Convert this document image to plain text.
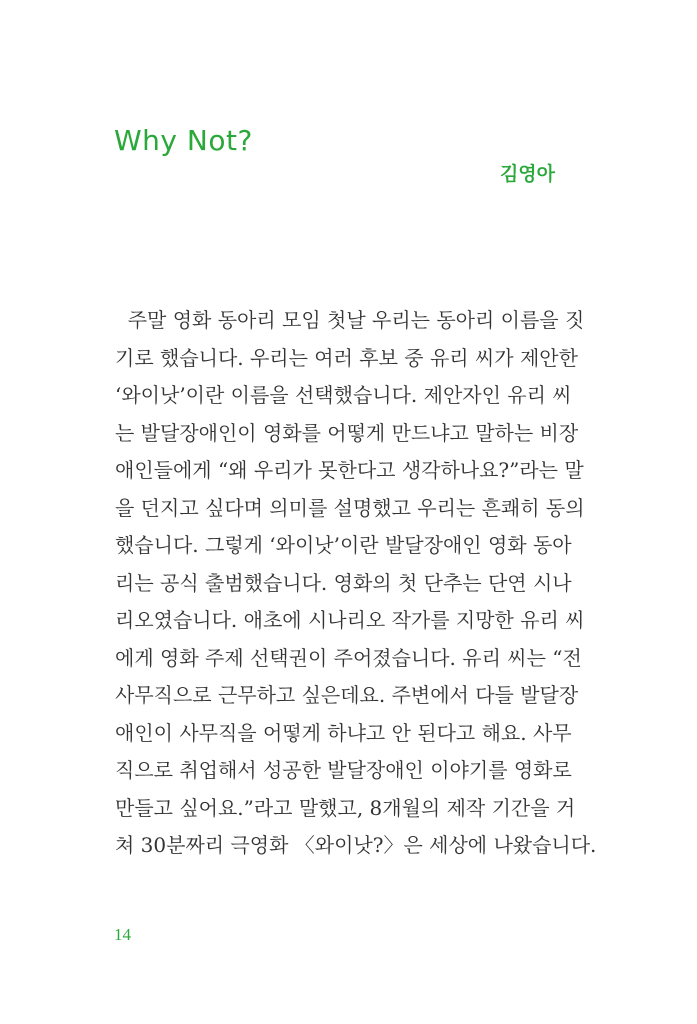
Why Not?
김영아
주말 영화 동아리 모임 첫날 우리는 동아리 이름을 짓
기로 했습니다. 우리는 여러 후보 중 유리 씨가 제안한
‘와이낫’이란 이름을 선택했습니다. 제안자인 유리 씨
는 발달장애인이 영화를 어떻게 만드냐고 말하는 비장
애인들에게 “왜 우리가 못한다고 생각하나요?”라는 말
을 던지고 싶다며 의미를 설명했고 우리는 흔쾌히 동의
했습니다. 그렇게 ‘와이낫’이란 발달장애인 영화 동아
리는 공식 출범했습니다. 영화의 첫 단추는 단연 시나
리오였습니다. 애초에 시나리오 작가를 지망한 유리 씨
에게 영화 주제 선택권이 주어졌습니다. 유리 씨는 “전
사무직으로 근무하고 싶은데요. 주변에서 다들 발달장
애인이 사무직을 어떻게 하냐고 안 된다고 해요. 사무
직으로 취업해서 성공한 발달장애인 이야기를 영화로
만들고 싶어요.”라고 말했고, 8개월의 제작 기간을 거
쳐 30분짜리 극영화 〈와이낫?〉은 세상에 나왔습니다.
14
